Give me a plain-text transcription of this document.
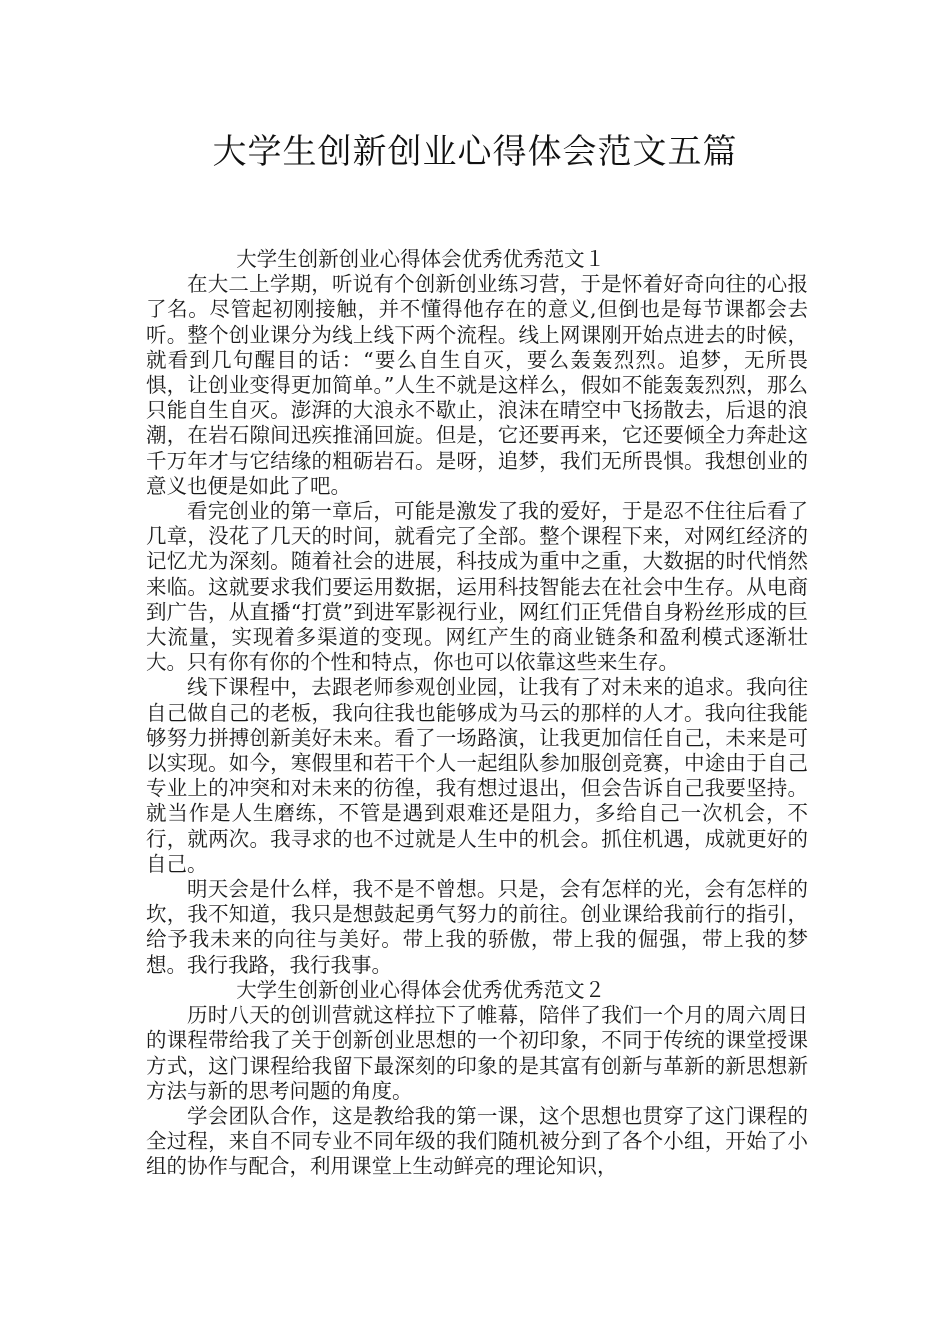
大学生创新创业心得体会范文五篇

大学生创新创业心得体会优秀优秀范文１

在大二上学期，听说有个创新创业练习营，于是怀着好奇向往的心报了名。尽管起初刚接触，并不懂得他存在的意义,但倒也是每节课都会去听。整个创业课分为线上线下两个流程。线上网课刚开始点进去的时候，就看到几句醒目的话：“要么自生自灭，要么轰轰烈烈。追梦，无所畏惧，让创业变得更加简单。”人生不就是这样么，假如不能轰轰烈烈，那么只能自生自灭。澎湃的大浪永不歇止，浪沫在晴空中飞扬散去，后退的浪潮，在岩石隙间迅疾推涌回旋。但是，它还要再来，它还要倾全力奔赴这千万年才与它结缘的粗砺岩石。是呀，追梦，我们无所畏惧。我想创业的意义也便是如此了吧。

看完创业的第一章后，可能是激发了我的爱好，于是忍不住往后看了几章，没花了几天的时间，就看完了全部。整个课程下来，对网红经济的记忆尤为深刻。随着社会的进展，科技成为重中之重，大数据的时代悄然来临。这就要求我们要运用数据，运用科技智能去在社会中生存。从电商到广告，从直播“打赏”到进军影视行业，网红们正凭借自身粉丝形成的巨大流量，实现着多渠道的变现。网红产生的商业链条和盈利模式逐渐壮大。只有你有你的个性和特点，你也可以依靠这些来生存。

线下课程中，去跟老师参观创业园，让我有了对未来的追求。我向往自己做自己的老板，我向往我也能够成为马云的那样的人才。我向往我能够努力拼搏创新美好未来。看了一场路演，让我更加信任自己，未来是可以实现。如今，寒假里和若干个人一起组队参加服创竞赛，中途由于自己专业上的冲突和对未来的彷徨，我有想过退出，但会告诉自己我要坚持。就当作是人生磨练，不管是遇到艰难还是阻力，多给自己一次机会，不行，就两次。我寻求的也不过就是人生中的机会。抓住机遇，成就更好的自己。

明天会是什么样，我不是不曾想。只是，会有怎样的光，会有怎样的坎，我不知道，我只是想鼓起勇气努力的前往。创业课给我前行的指引，给予我未来的向往与美好。带上我的骄傲，带上我的倔强，带上我的梦想。我行我路，我行我事。

大学生创新创业心得体会优秀优秀范文２

历时八天的创训营就这样拉下了帷幕，陪伴了我们一个月的周六周日的课程带给我了关于创新创业思想的一个初印象，不同于传统的课堂授课方式，这门课程给我留下最深刻的印象的是其富有创新与革新的新思想新方法与新的思考问题的角度。

学会团队合作，这是教给我的第一课，这个思想也贯穿了这门课程的全过程，来自不同专业不同年级的我们随机被分到了各个小组，开始了小组的协作与配合，利用课堂上生动鲜亮的理论知识，
